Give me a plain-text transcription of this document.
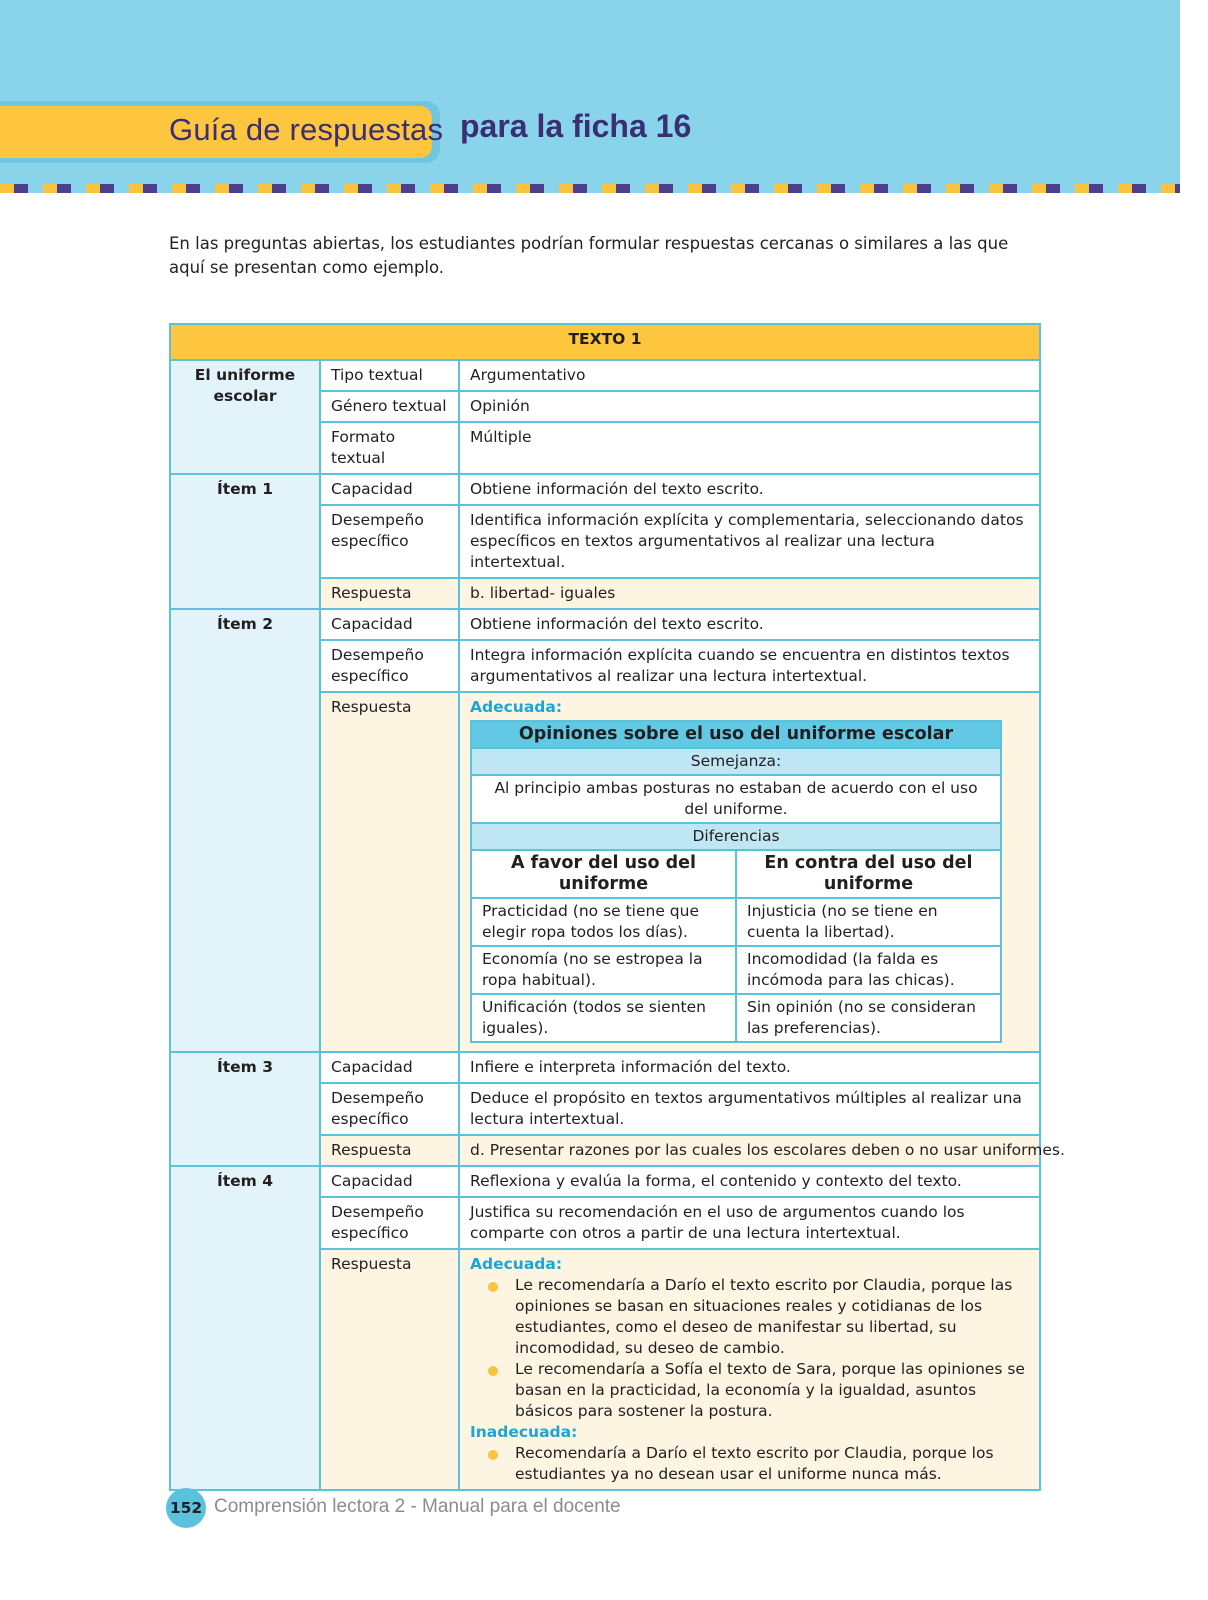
Guía de respuestas para la ficha 16
En las preguntas abiertas, los estudiantes podrían formular respuestas cercanas o similares a las que aquí se presentan como ejemplo.
TEXTO 1
El uniforme escolar	Tipo textual	Argumentativo
Género textual	Opinión
Formato textual	Múltiple
Ítem 1	Capacidad	Obtiene información del texto escrito.
Desempeño específico	Identifica información explícita y complementaria, seleccionando datos específicos en textos argumentativos al realizar una lectura intertextual.
Respuesta	b. libertad- iguales
Ítem 2	Capacidad	Obtiene información del texto escrito.
Desempeño específico	Integra información explícita cuando se encuentra en distintos textos argumentativos al realizar una lectura intertextual.
Respuesta	Adecuada:
Opiniones sobre el uso del uniforme escolar
Semejanza:
Al principio ambas posturas no estaban de acuerdo con el uso del uniforme.
Diferencias
A favor del uso del uniforme	En contra del uso del uniforme
Practicidad (no se tiene que elegir ropa todos los días).	Injusticia (no se tiene en cuenta la libertad).
Economía (no se estropea la ropa habitual).	Incomodidad (la falda es incómoda para las chicas).
Unificación (todos se sienten iguales).	Sin opinión (no se consideran las preferencias).

Ítem 3	Capacidad	Infiere e interpreta información del texto.
Desempeño específico	Deduce el propósito en textos argumentativos múltiples al realizar una lectura intertextual.
Respuesta	d. Presentar razones por las cuales los escolares deben o no usar uniformes.
Ítem 4	Capacidad	Reflexiona y evalúa la forma, el contenido y contexto del texto.
Desempeño específico	Justifica su recomendación en el uso de argumentos cuando los comparte con otros a partir de una lectura intertextual.
Respuesta	Adecuada:
Le recomendaría a Darío el texto escrito por Claudia, porque las opiniones se basan en situaciones reales y cotidianas de los estudiantes, como el deseo de manifestar su libertad, su incomodidad, su deseo de cambio.
Le recomendaría a Sofía el texto de Sara, porque las opiniones se basan en la practicidad, la economía y la igualdad, asuntos básicos para sostener la postura.
Inadecuada:
Recomendaría a Darío el texto escrito por Claudia, porque los estudiantes ya no desean usar el uniforme nunca más.
152 Comprensión lectora 2 - Manual para el docente
